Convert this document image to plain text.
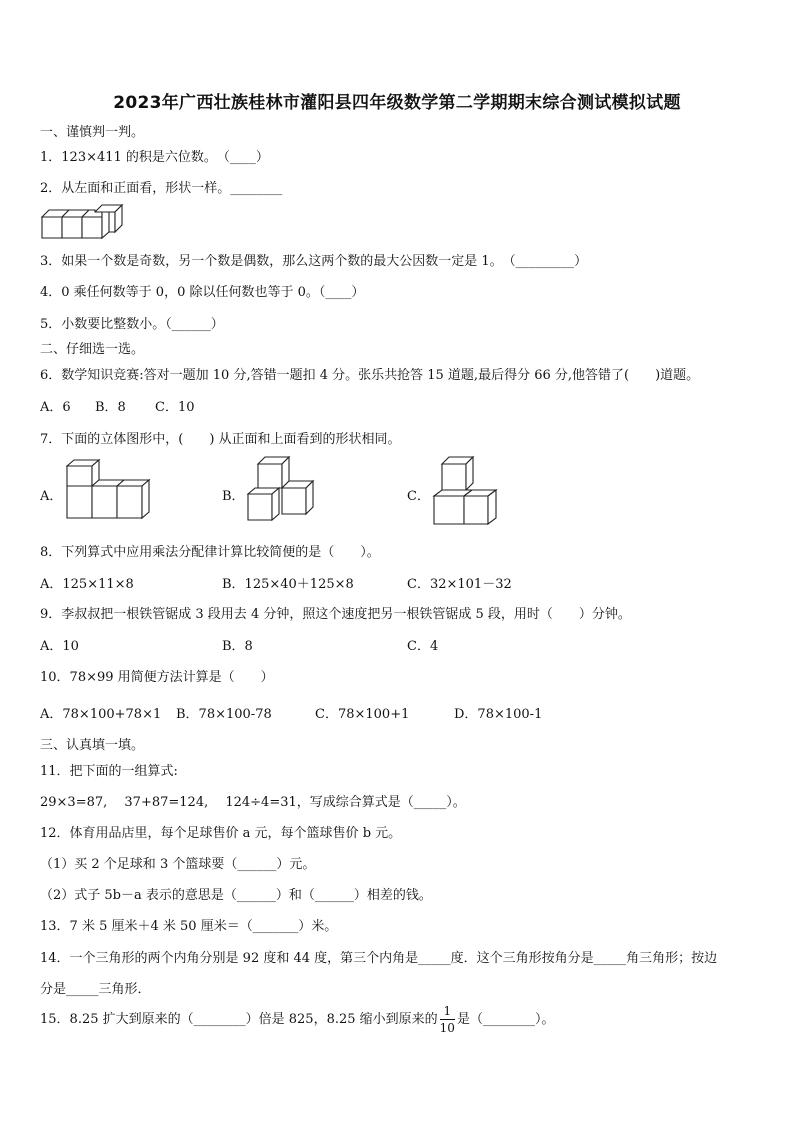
2023年广西壮族桂林市灌阳县四年级数学第二学期期末综合测试模拟试题
一、谨慎判一判。
1．123×411 的积是六位数。　（____）
2．从左面和正面看，形状一样。________
3．如果一个数是奇数，另一个数是偶数，那么这两个数的最大公因数一定是 1。　（_________）
4．0 乘任何数等于 0，0 除以任何数也等于 0。（____）
5．小数要比整数小。（______）
二、仔细选一选。
6．数学知识竞赛:答对一题加 10 分,答错一题扣 4 分。张乐共抢答 15 道题,最后得分 66 分,他答错了(　　)道题。
A．6 B．8 C．10
7．下面的立体图形中，(　　) 从正面和上面看到的形状相同。
A．	B．	C．
8．下列算式中应用乘法分配律计算比较简便的是（　　）。
A．125×11×8	B．125×40＋125×8	C．32×101－32
9．李叔叔把一根铁管锯成 3 段用去 4 分钟，照这个速度把另一根铁管锯成 5 段，用时（　　）分钟。
A．10	B．8	C．4
10．78×99 用简便方法计算是（　　）
A．78×100+78×1 B．78×100-78	C．78×100+1	D．78×100-1
三、认真填一填。
11．把下面的一组算式:
29×3=87,　 37+87=124,　 124÷4=31，写成综合算式是（_____）。
12．体育用品店里，每个足球售价 a 元，每个篮球售价 b 元。
（1）买 2 个足球和 3 个篮球要（______）元。
（2）式子 5b－a 表示的意思是（______）和（______）相差的钱。
13．7 米 5 厘米＋4 米 50 厘米＝（_______）米。
14．一个三角形的两个内角分别是 92 度和 44 度，第三个内角是_____度．这个三角形按角分是_____角三角形；按边
分是_____三角形．
15．8.25 扩大到原来的（________）倍是 825，8.25 缩小到原来的 $\frac{1}{10}$ 是（________）。
